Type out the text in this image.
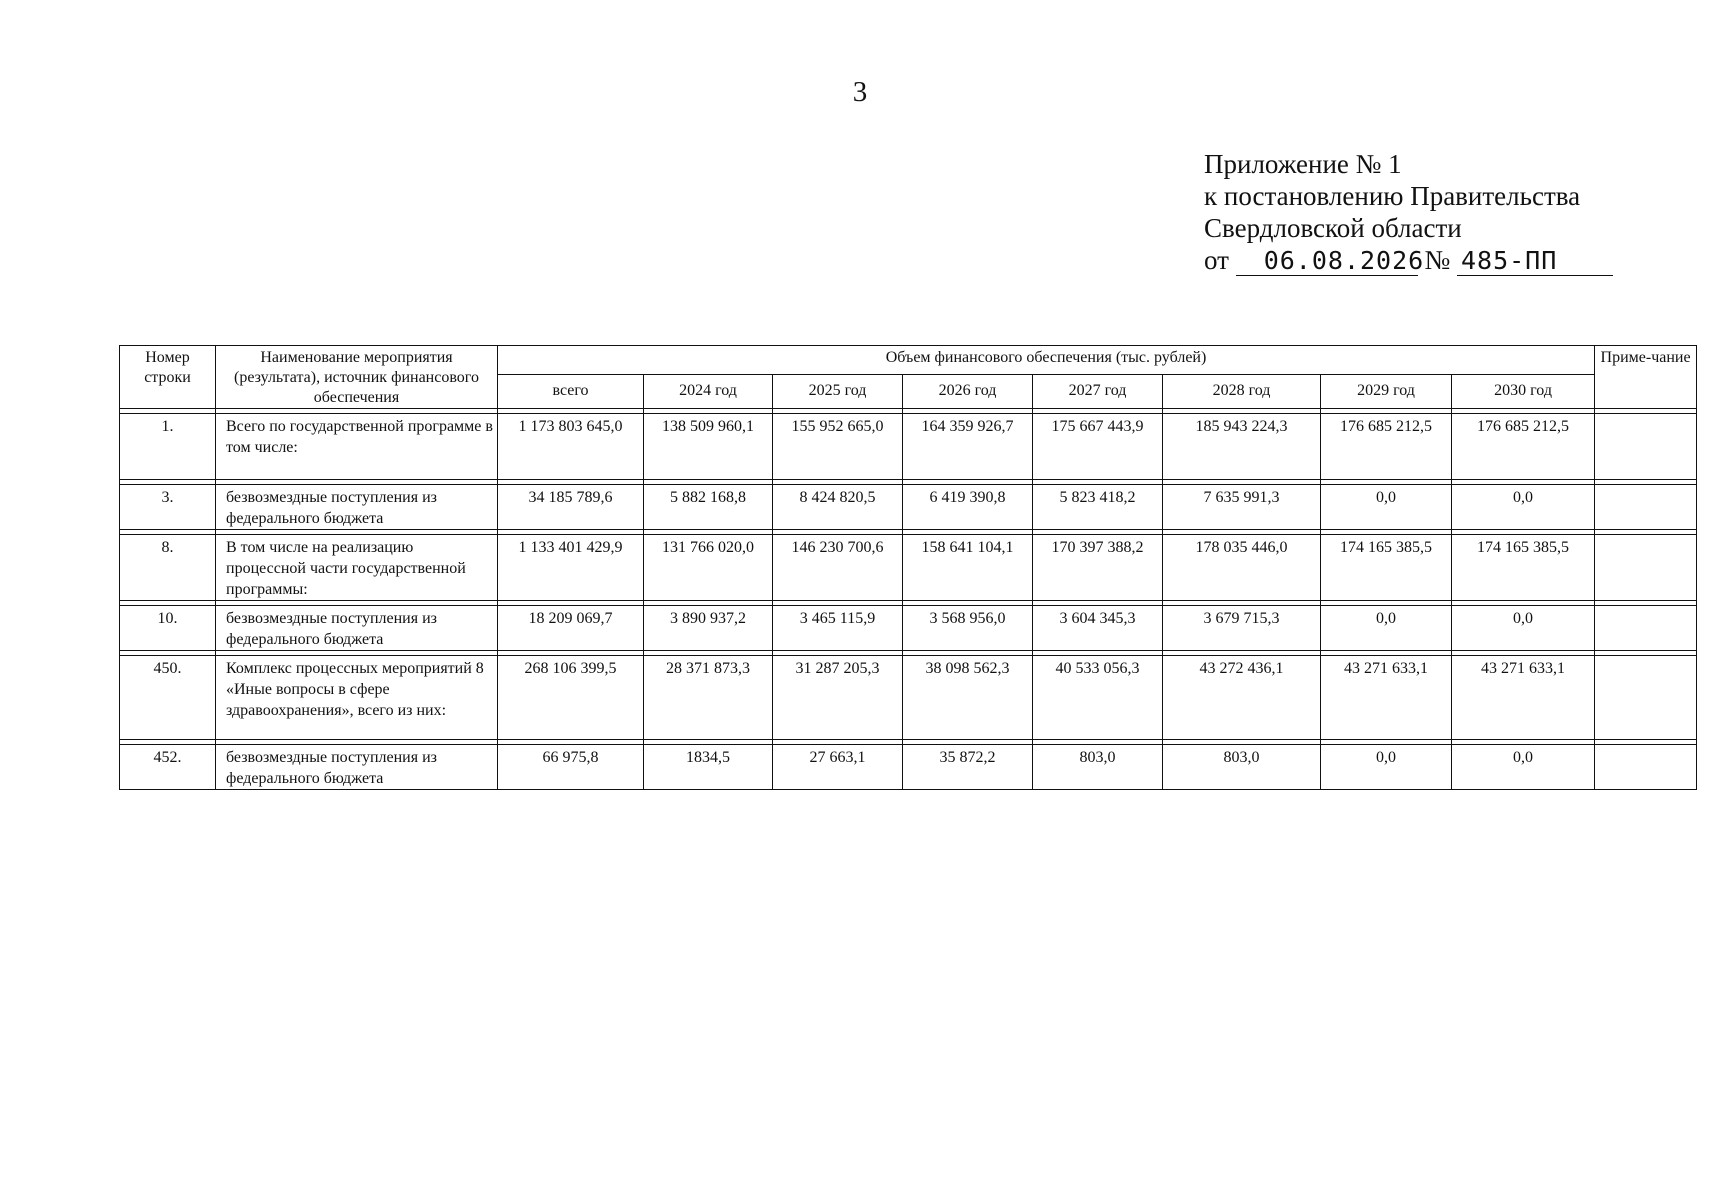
3
Приложение № 1
к постановлению Правительства
Свердловской области
от 06.08.2026 № 485-ПП
Номер строки	Наименование мероприятия (результата), источник финансового обеспечения	Объем финансового обеспечения (тыс. рублей)								Приме-чание
		всего	2024 год	2025 год	2026 год	2027 год	2028 год	2029 год	2030 год	

1.	Всего по государственной программе в том числе:	1 173 803 645,0	138 509 960,1	155 952 665,0	164 359 926,7	175 667 443,9	185 943 224,3	176 685 212,5	176 685 212,5	

3.	безвозмездные поступления из федерального бюджета	34 185 789,6	5 882 168,8	8 424 820,5	6 419 390,8	5 823 418,2	7 635 991,3	0,0	0,0	

8.	В том числе на реализацию процессной части государственной программы:	1 133 401 429,9	131 766 020,0	146 230 700,6	158 641 104,1	170 397 388,2	178 035 446,0	174 165 385,5	174 165 385,5	

10.	безвозмездные поступления из федерального бюджета	18 209 069,7	3 890 937,2	3 465 115,9	3 568 956,0	3 604 345,3	3 679 715,3	0,0	0,0	

450.	Комплекс процессных мероприятий 8 «Иные вопросы в сфере здравоохранения», всего из них:	268 106 399,5	28 371 873,3	31 287 205,3	38 098 562,3	40 533 056,3	43 272 436,1	43 271 633,1	43 271 633,1	

452.	безвозмездные поступления из федерального бюджета	66 975,8	1834,5	27 663,1	35 872,2	803,0	803,0	0,0	0,0	
